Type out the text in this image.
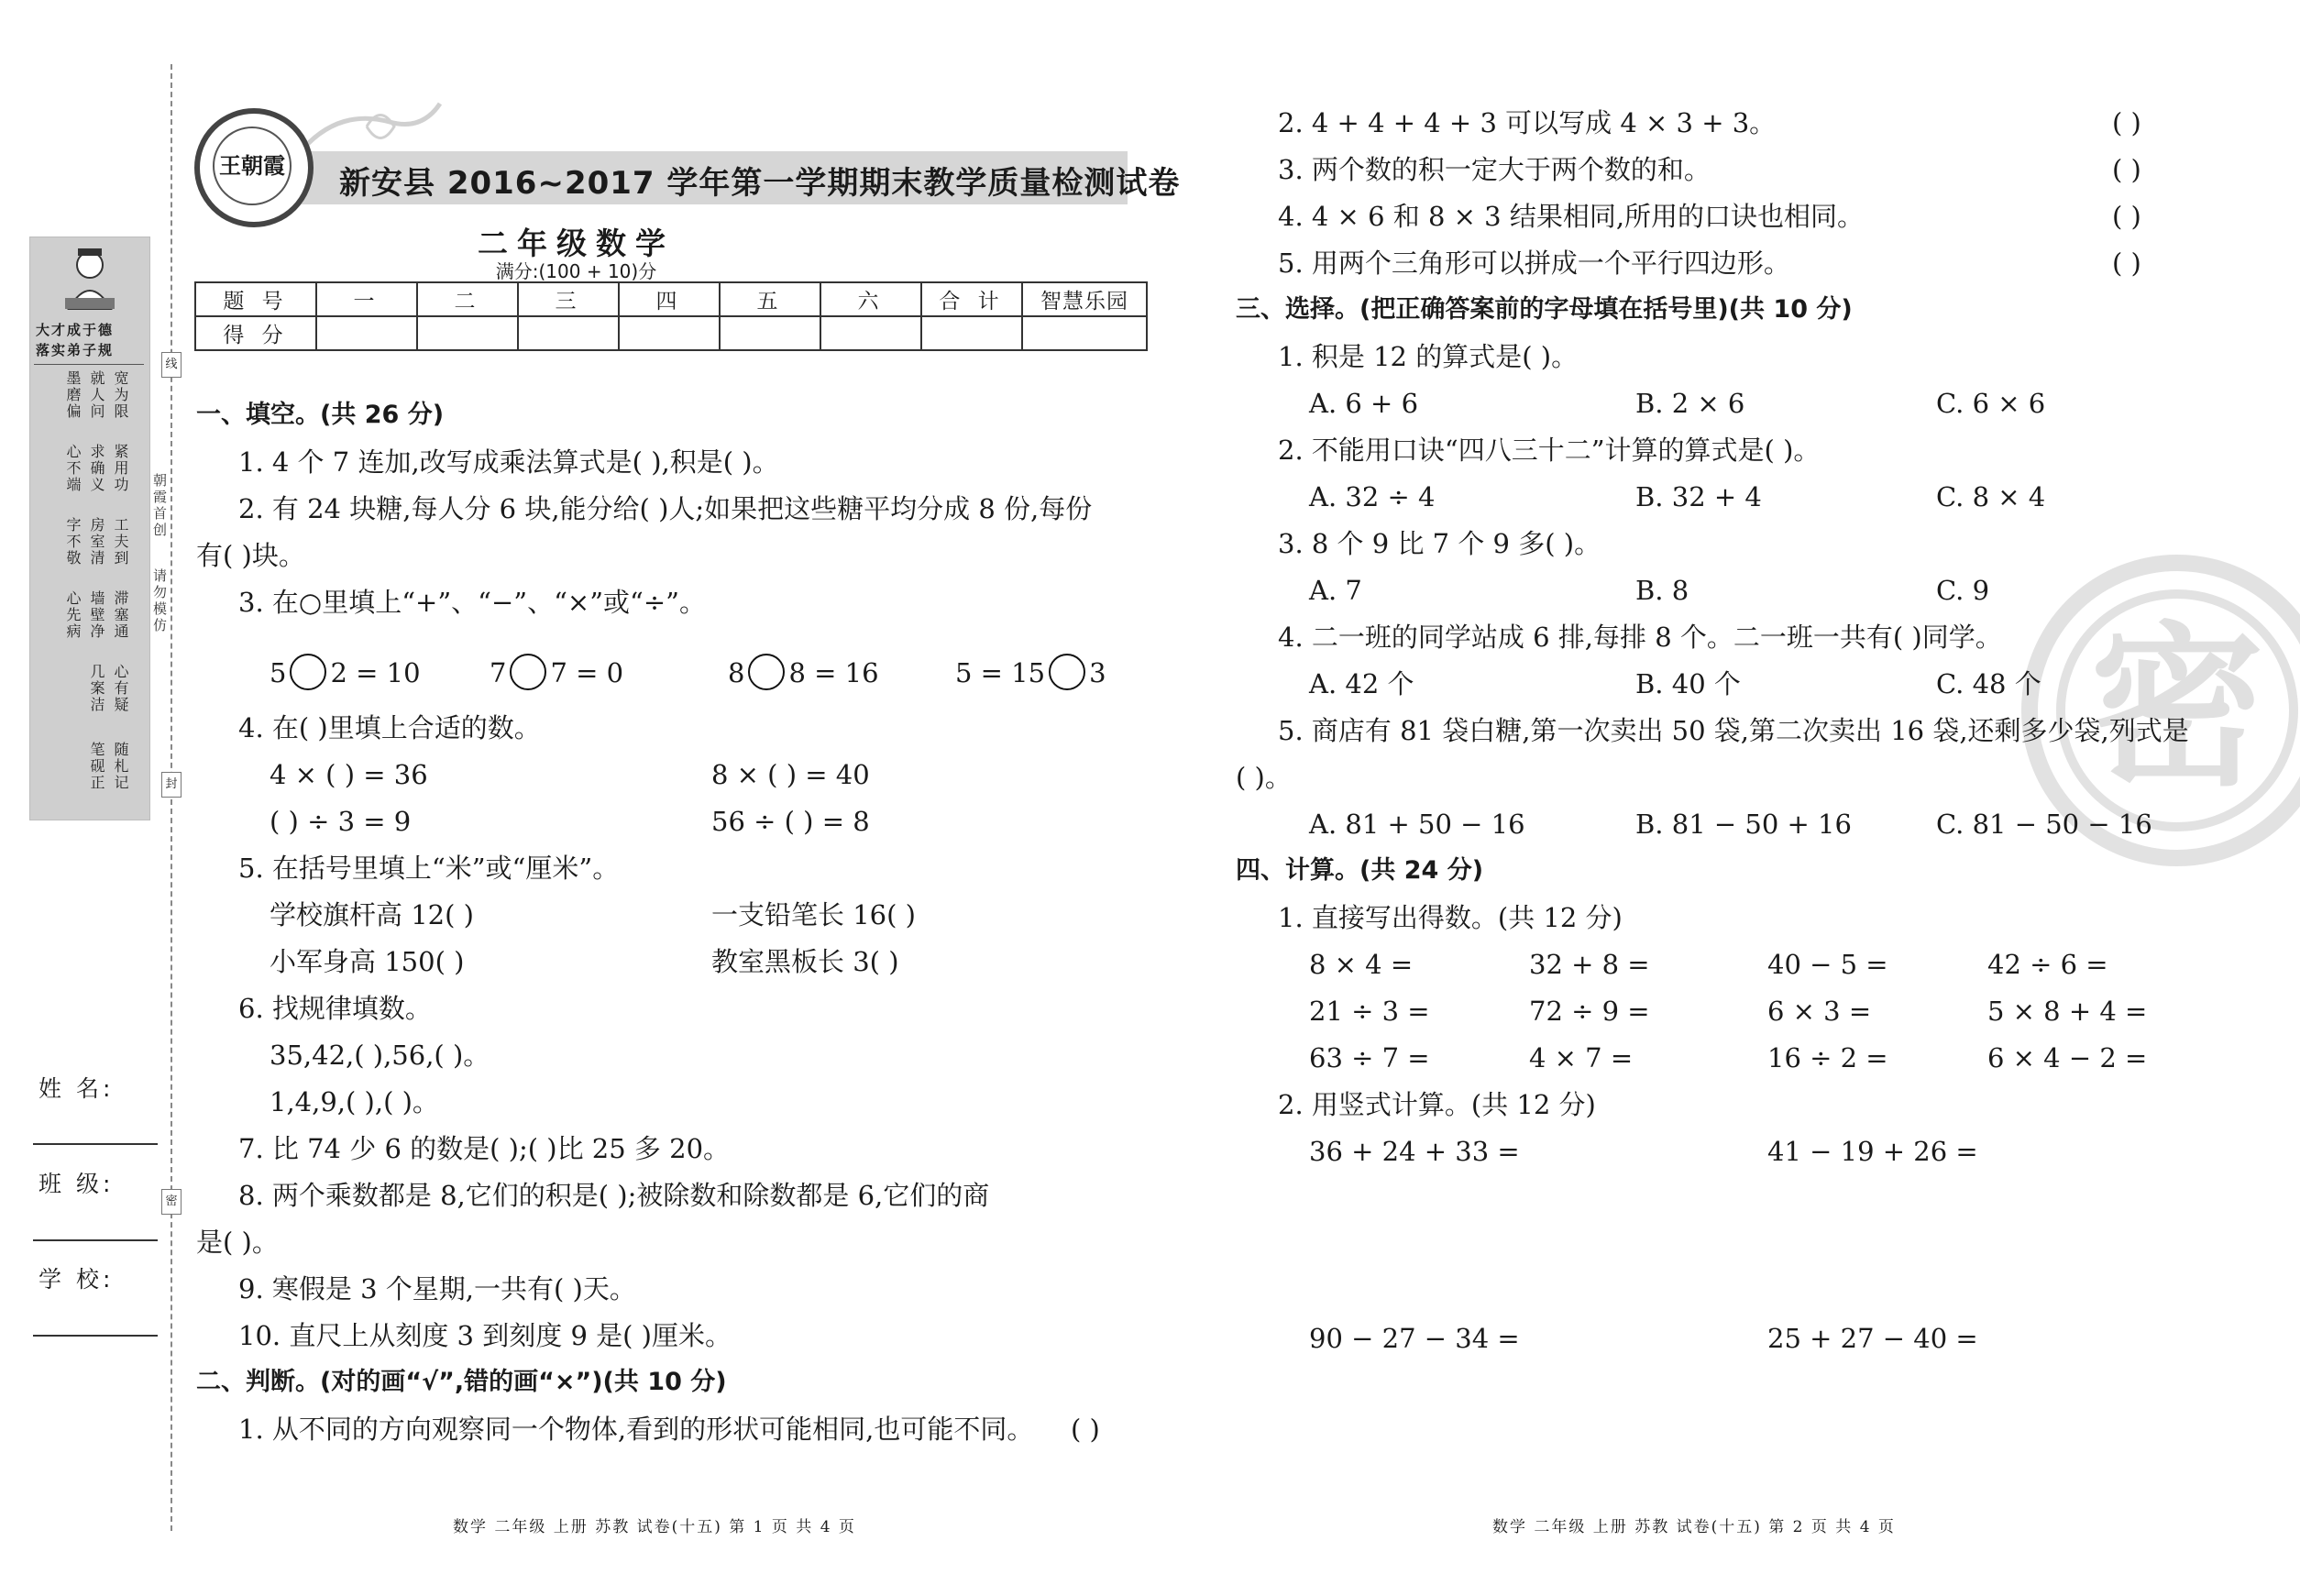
大才成于德
落实弟子规
宽为限
就人问
墨磨偏
紧用功
求确义
心不端
工夫到
房室清
字不敬
滞塞通
墙壁净
心先病
心有疑
几案洁
随札记
笔砚正
姓 名:
班 级:
学 校:
线
封
密
朝霞首创
请勿模仿
王朝霞 新安县 2016~2017 学年第一学期期末教学质量检测试卷
二年级数学
满分:(100 + 10)分
题 号	一	二	三	四	五	六	合 计	智慧乐园
得 分								
一、填空。(共 26 分)
1. 4 个 7 连加,改写成乘法算式是( ),积是( )。
2. 有 24 块糖,每人分 6 块,能分给( )人;如果把这些糖平均分成 8 份,每份
有( )块。
3. 在○里填上“+”、“−”、“×”或“÷”。
5 2 = 10	7 7 = 0	8 8 = 16	5 = 15 3
4. 在( )里填上合适的数。
4 × ( ) = 36	8 × ( ) = 40
( ) ÷ 3 = 9	56 ÷ ( ) = 8
5. 在括号里填上“米”或“厘米”。
学校旗杆高 12( )	一支铅笔长 16( )
小军身高 150( )	教室黑板长 3( )
6. 找规律填数。
35,42,( ),56,( )。
1,4,9,( ),( )。
7. 比 74 少 6 的数是( );( )比 25 多 20。
8. 两个乘数都是 8,它们的积是( );被除数和除数都是 6,它们的商
是( )。
9. 寒假是 3 个星期,一共有( )天。
10. 直尺上从刻度 3 到刻度 9 是( )厘米。
二、判断。(对的画“√”,错的画“×”)(共 10 分)
1. 从不同的方向观察同一个物体,看到的形状可能相同,也可能不同。 ( )
数学 二年级 上册 苏教 试卷(十五) 第 1 页 共 4 页
密
2. 4 + 4 + 4 + 3 可以写成 4 × 3 + 3。	( )
3. 两个数的积一定大于两个数的和。	( )
4. 4 × 6 和 8 × 3 结果相同,所用的口诀也相同。	( )
5. 用两个三角形可以拼成一个平行四边形。	( )
三、选择。(把正确答案前的字母填在括号里)(共 10 分)
1. 积是 12 的算式是( )。
A. 6 + 6	B. 2 × 6	C. 6 × 6
2. 不能用口诀“四八三十二”计算的算式是( )。
A. 32 ÷ 4	B. 32 + 4	C. 8 × 4
3. 8 个 9 比 7 个 9 多( )。
A. 7	B. 8	C. 9
4. 二一班的同学站成 6 排,每排 8 个。二一班一共有( )同学。
A. 42 个	B. 40 个	C. 48 个
5. 商店有 81 袋白糖,第一次卖出 50 袋,第二次卖出 16 袋,还剩多少袋,列式是
( )。
A. 81 + 50 − 16	B. 81 − 50 + 16	C. 81 − 50 − 16
四、计算。(共 24 分)
1. 直接写出得数。(共 12 分)
8 × 4 =	32 + 8 =	40 − 5 =	42 ÷ 6 =
21 ÷ 3 =	72 ÷ 9 =	6 × 3 =	5 × 8 + 4 =
63 ÷ 7 =	4 × 7 =	16 ÷ 2 =	6 × 4 − 2 =
2. 用竖式计算。(共 12 分)
36 + 24 + 33 =	41 − 19 + 26 =
90 − 27 − 34 =	25 + 27 − 40 =
数学 二年级 上册 苏教 试卷(十五) 第 2 页 共 4 页
